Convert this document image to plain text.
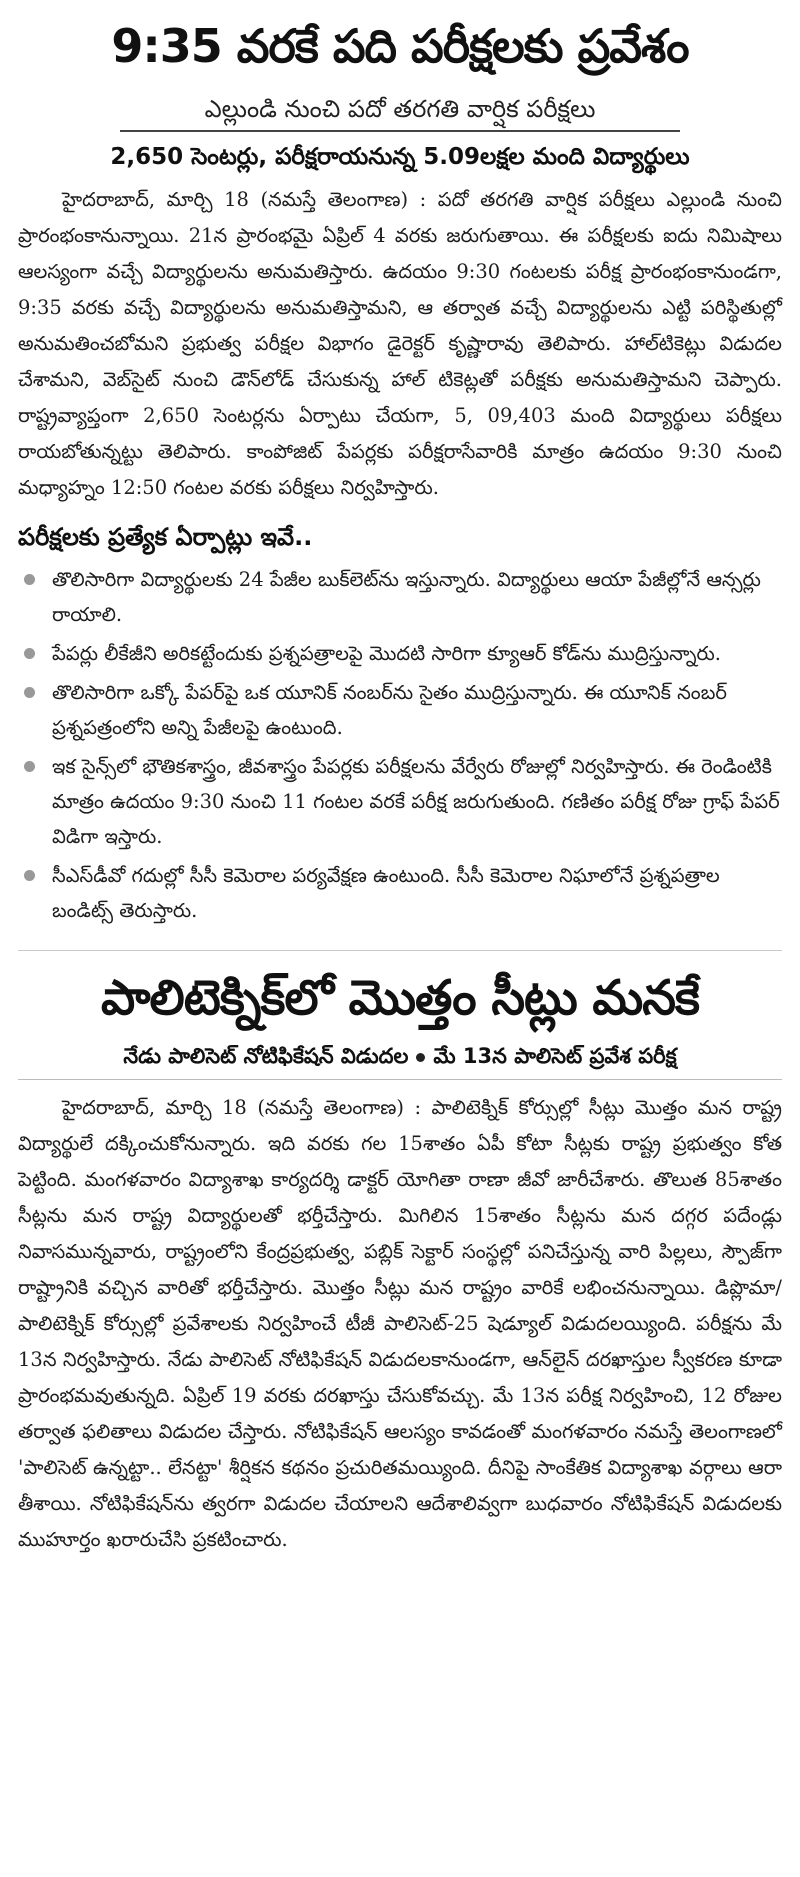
9:35 వరకే పది పరీక్షలకు ప్రవేశం
ఎల్లుండి నుంచి పదో తరగతి వార్షిక పరీక్షలు
2,650 సెంటర్లు, పరీక్షరాయనున్న 5.09లక్షల మంది విద్యార్థులు
హైదరాబాద్, మార్చి 18 (నమస్తే తెలంగాణ) : పదో తరగతి వార్షిక పరీక్షలు ఎల్లుండి నుంచి ప్రారంభంకానున్నాయి. 21న ప్రారంభమై ఏప్రిల్ 4 వరకు జరుగుతాయి. ఈ పరీక్షలకు ఐదు నిమిషాలు ఆలస్యంగా వచ్చే విద్యార్థులను అనుమతిస్తారు. ఉదయం 9:30 గంటలకు పరీక్ష ప్రారంభంకానుండగా, 9:35 వరకు వచ్చే విద్యార్థులను అనుమతిస్తామని, ఆ తర్వాత వచ్చే విద్యార్థులను ఎట్టి పరిస్థితుల్లో అనుమతించబోమని ప్రభుత్వ పరీక్షల విభాగం డైరెక్టర్ కృష్ణారావు తెలిపారు. హాల్‌టికెట్లు విడుదల చేశామని, వెబ్‌సైట్ నుంచి డౌన్‌లోడ్ చేసుకున్న హాల్ టికెట్లతో పరీక్షకు అనుమతిస్తామని చెప్పారు. రాష్ట్రవ్యాప్తంగా 2,650 సెంటర్లను ఏర్పాటు చేయగా, 5, 09,403 మంది విద్యార్థులు పరీక్షలు రాయబోతున్నట్టు తెలిపారు. కాంపోజిట్ పేపర్లకు పరీక్షరాసేవారికి మాత్రం ఉదయం 9:30 నుంచి మధ్యాహ్నం 12:50 గంటల వరకు పరీక్షలు నిర్వహిస్తారు.
పరీక్షలకు ప్రత్యేక ఏర్పాట్లు ఇవే..
తొలిసారిగా విద్యార్థులకు 24 పేజీల బుక్‌లెట్‌ను ఇస్తున్నారు. విద్యార్థులు ఆయా పేజీల్లోనే ఆన్సర్లు రాయాలి.
పేపర్లు లీకేజీని అరికట్టేందుకు ప్రశ్నపత్రాలపై మొదటి సారిగా క్యూఆర్ కోడ్‌ను ముద్రిస్తున్నారు.
తొలిసారిగా ఒక్కో పేపర్‌పై ఒక యూనిక్ నంబర్‌ను సైతం ముద్రిస్తున్నారు. ఈ యూనిక్ నంబర్ ప్రశ్నపత్రంలోని అన్ని పేజీలపై ఉంటుంది.
ఇక సైన్స్‌లో భౌతికశాస్త్రం, జీవశాస్త్రం పేపర్లకు పరీక్షలను వేర్వేరు రోజుల్లో నిర్వహిస్తారు. ఈ రెండింటికి మాత్రం ఉదయం 9:30 నుంచి 11 గంటల వరకే పరీక్ష జరుగుతుంది. గణితం పరీక్ష రోజు గ్రాఫ్ పేపర్ విడిగా ఇస్తారు.
సీఎస్‌డీవో గదుల్లో సీసీ కెమెరాల పర్యవేక్షణ ఉంటుంది. సీసీ కెమెరాల నిఘాలోనే ప్రశ్నపత్రాల బండిట్స్ తెరుస్తారు.
పాలిటెక్నిక్‌లో మొత్తం సీట్లు మనకే
నేడు పాలిసెట్ నోటిఫికేషన్ విడుదల మే 13న పాలిసెట్ ప్రవేశ పరీక్ష
హైదరాబాద్, మార్చి 18 (నమస్తే తెలంగాణ) : పాలిటెక్నిక్ కోర్సుల్లో సీట్లు మొత్తం మన రాష్ట్ర విద్యార్థులే దక్కించుకోనున్నారు. ఇది వరకు గల 15శాతం ఏపీ కోటా సీట్లకు రాష్ట్ర ప్రభుత్వం కోత పెట్టింది. మంగళవారం విద్యాశాఖ కార్యదర్శి డాక్టర్ యోగితా రాణా జీవో జారీచేశారు. తొలుత 85శాతం సీట్లను మన రాష్ట్ర విద్యార్థులతో భర్తీచేస్తారు. మిగిలిన 15శాతం సీట్లను మన దగ్గర పదేండ్లు నివాసమున్నవారు, రాష్ట్రంలోని కేంద్రప్రభుత్వ, పబ్లిక్ సెక్టార్ సంస్థల్లో పనిచేస్తున్న వారి పిల్లలు, స్పౌజ్‌గా రాష్ట్రానికి వచ్చిన వారితో భర్తీచేస్తారు. మొత్తం సీట్లు మన రాష్ట్రం వారికే లభించనున్నాయి. డిప్లొమా/పాలిటెక్నిక్ కోర్సుల్లో ప్రవేశాలకు నిర్వహించే టీజీ పాలిసెట్-25 షెడ్యూల్ విడుదలయ్యింది. పరీక్షను మే 13న నిర్వహిస్తారు. నేడు పాలిసెట్ నోటిఫికేషన్ విడుదలకానుండగా, ఆన్‌లైన్ దరఖాస్తుల స్వీకరణ కూడా ప్రారంభమవుతున్నది. ఏప్రిల్ 19 వరకు దరఖాస్తు చేసుకోవచ్చు. మే 13న పరీక్ష నిర్వహించి, 12 రోజుల తర్వాత ఫలితాలు విడుదల చేస్తారు. నోటిఫికేషన్ ఆలస్యం కావడంతో మంగళవారం నమస్తే తెలంగాణలో 'పాలిసెట్ ఉన్నట్టా.. లేనట్టా' శీర్షికన కథనం ప్రచురితమయ్యింది. దీనిపై సాంకేతిక విద్యాశాఖ వర్గాలు ఆరా తీశాయి. నోటిఫికేషన్‌ను త్వరగా విడుదల చేయాలని ఆదేశాలివ్వగా బుధవారం నోటిఫికేషన్ విడుదలకు ముహూర్తం ఖరారుచేసి ప్రకటించారు.
